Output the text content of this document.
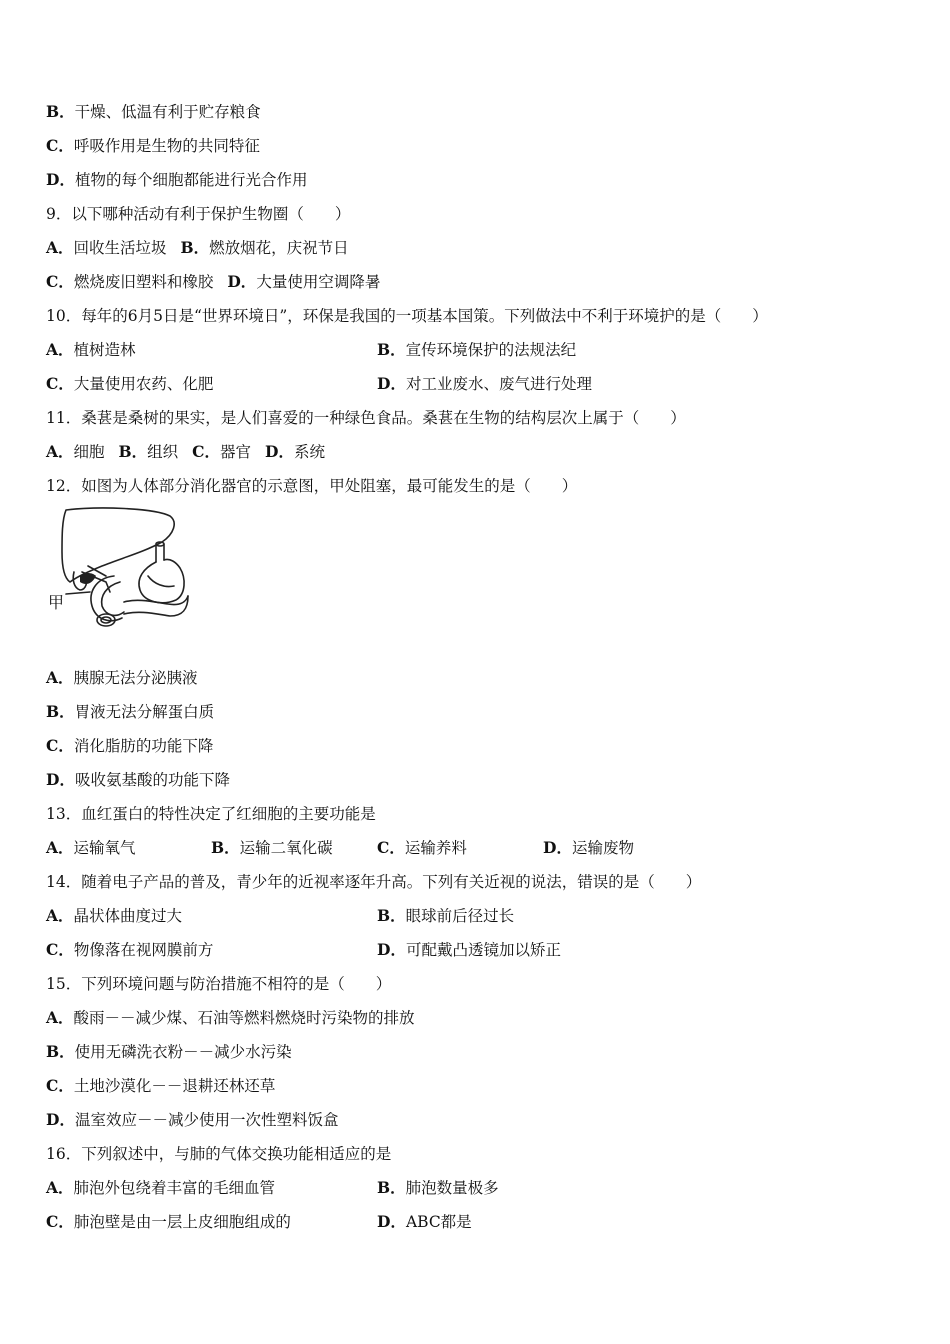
B．干燥、低温有利于贮存粮食
C．呼吸作用是生物的共同特征
D．植物的每个细胞都能进行光合作用
9．以下哪种活动有利于保护生物圈（　　）
A．回收生活垃圾 B．燃放烟花，庆祝节日
C．燃烧废旧塑料和橡胶 D．大量使用空调降暑
10．每年的6月5日是“世界环境日”，环保是我国的一项基本国策。下列做法中不利于环境护的是（　　）
A．植树造林	B．宣传环境保护的法规法纪
C．大量使用农药、化肥	D．对工业废水、废气进行处理
11．桑葚是桑树的果实，是人们喜爱的一种绿色食品。桑葚在生物的结构层次上属于（　　）
A．细胞 B．组织 C．器官 D．系统
12．如图为人体部分消化器官的示意图，甲处阻塞，最可能发生的是（　　）
甲
A．胰腺无法分泌胰液
B．胃液无法分解蛋白质
C．消化脂肪的功能下降
D．吸收氨基酸的功能下降
13．血红蛋白的特性决定了红细胞的主要功能是
A．运输氧气	B．运输二氧化碳	C．运输养料	D．运输废物
14．随着电子产品的普及，青少年的近视率逐年升高。下列有关近视的说法，错误的是（　　）
A．晶状体曲度过大	B．眼球前后径过长
C．物像落在视网膜前方	D．可配戴凸透镜加以矫正
15．下列环境问题与防治措施不相符的是（　　）
A．酸雨－－减少煤、石油等燃料燃烧时污染物的排放
B．使用无磷洗衣粉－－减少水污染
C．土地沙漠化－－退耕还林还草
D．温室效应－－减少使用一次性塑料饭盒
16．下列叙述中，与肺的气体交换功能相适应的是
A．肺泡外包绕着丰富的毛细血管	B．肺泡数量极多
C．肺泡壁是由一层上皮细胞组成的	D．ABC都是
